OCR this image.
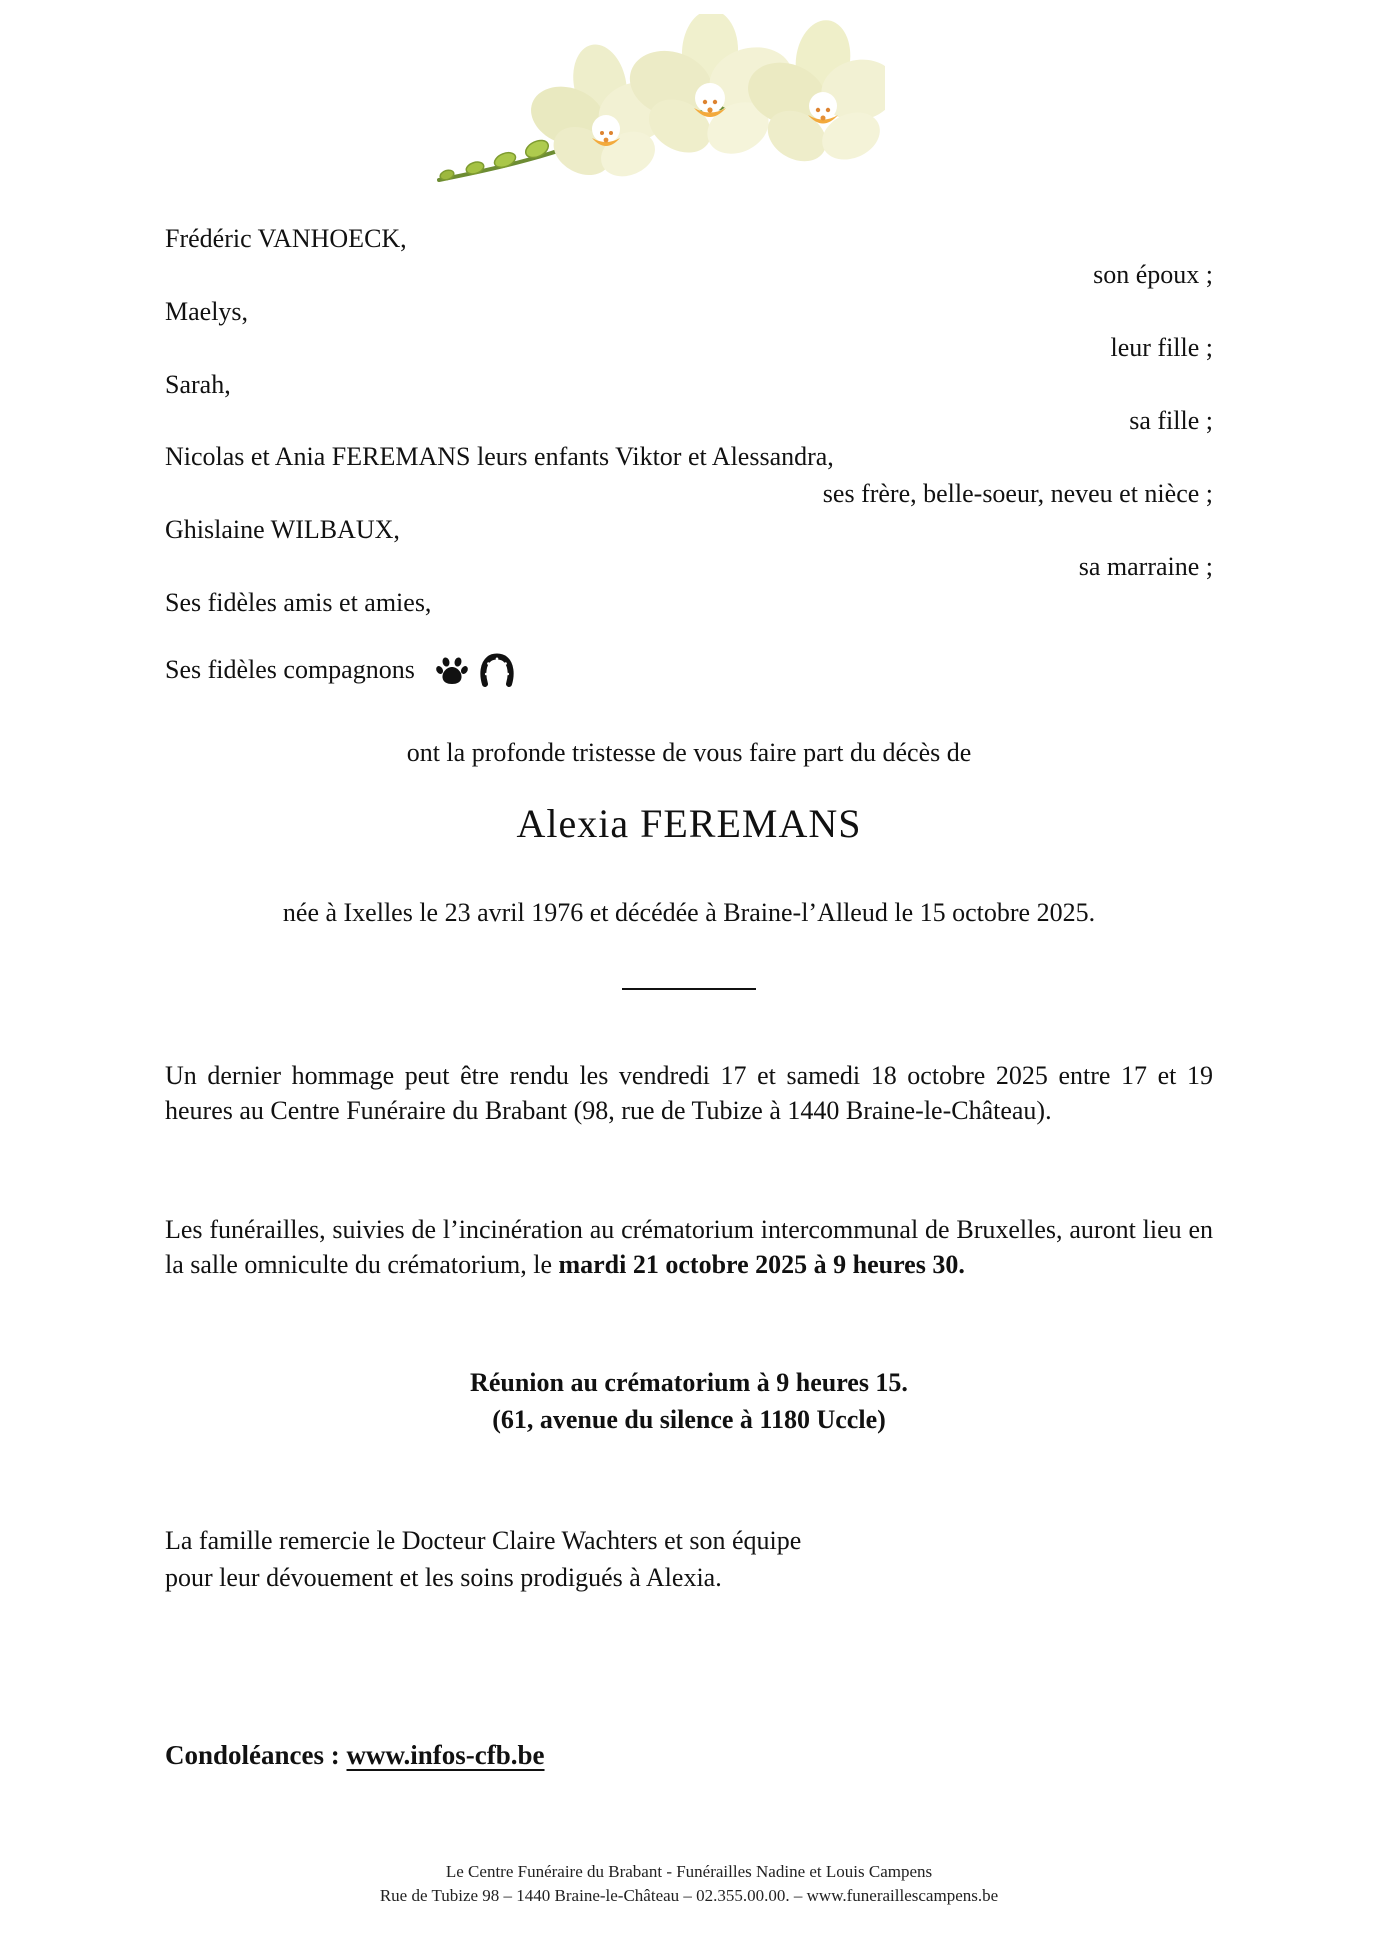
Frédéric VANHOECK,
son époux ;
Maelys,
leur fille ;
Sarah,
sa fille ;
Nicolas et Ania FEREMANS leurs enfants Viktor et Alessandra,
ses frère, belle-soeur, neveu et nièce ;
Ghislaine WILBAUX,
sa marraine ;
Ses fidèles amis et amies,
Ses fidèles compagnons
ont la profonde tristesse de vous faire part du décès de
Alexia FEREMANS
née à Ixelles le 23 avril 1976 et décédée à Braine-l’Alleud le 15 octobre 2025.
Un dernier hommage peut être rendu les vendredi 17 et samedi 18 octobre 2025 entre 17 et 19 heures au Centre Funéraire du Brabant (98, rue de Tubize à 1440 Braine-le-Château).
Les funérailles, suivies de l’incinération au crématorium intercommunal de Bruxelles, auront lieu en la salle omniculte du crématorium, le mardi 21 octobre 2025 à 9 heures 30.
Réunion au crématorium à 9 heures 15.
(61, avenue du silence à 1180 Uccle)
La famille remercie le Docteur Claire Wachters et son équipe
pour leur dévouement et les soins prodigués à Alexia.
Condoléances : www.infos-cfb.be
Le Centre Funéraire du Brabant - Funérailles Nadine et Louis Campens
Rue de Tubize 98 – 1440 Braine-le-Château – 02.355.00.00. – www.funeraillescampens.be
